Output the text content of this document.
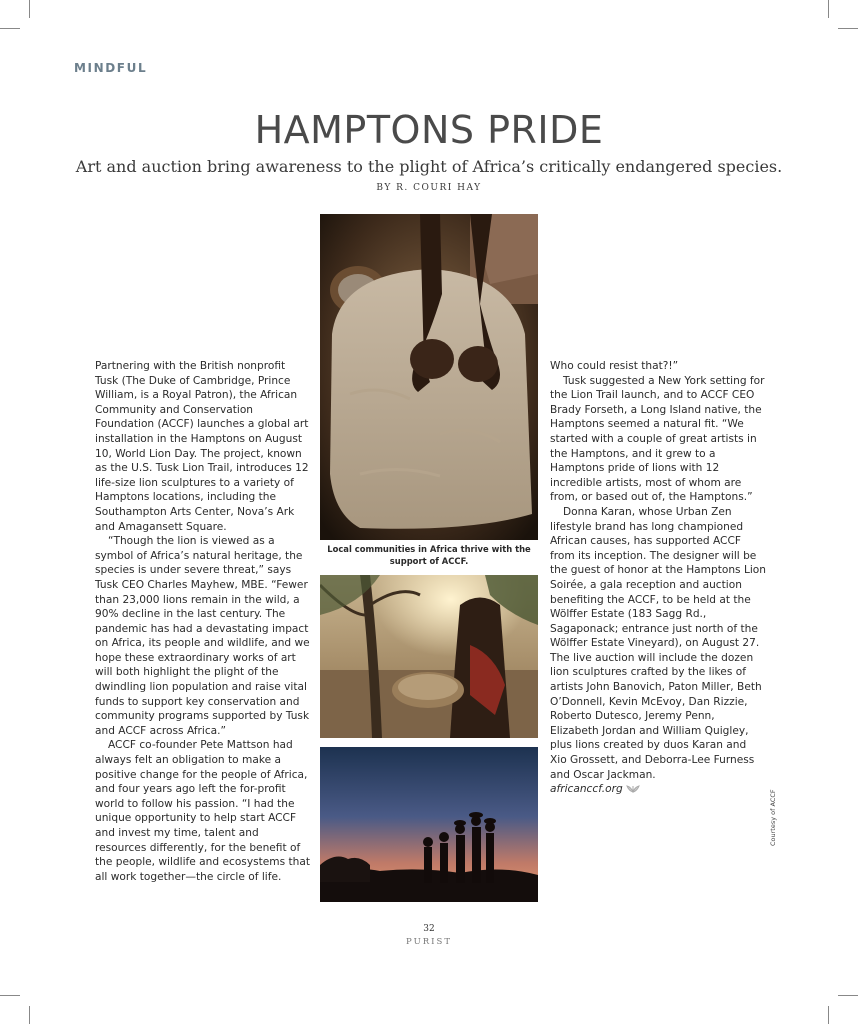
MINDFUL
HAMPTONS PRIDE
Art and auction bring awareness to the plight of Africa’s critically endangered species.
BY R. COURI HAY

Partnering with the British nonprofit Tusk (The Duke of Cambridge, Prince William, is a Royal Patron), the African Community and Conservation Foundation (ACCF) launches a global art installation in the Hamptons on August 10, World Lion Day. The project, known as the U.S. Tusk Lion Trail, introduces 12 life-size lion sculptures to a variety of Hamptons locations, including the Southampton Arts Center, Nova’s Ark and Amagansett Square.

“Though the lion is viewed as a symbol of Africa’s natural heritage, the species is under severe threat,” says Tusk CEO Charles Mayhew, MBE. “Fewer than 23,000 lions remain in the wild, a 90% decline in the last century. The pandemic has had a devastating impact on Africa, its people and wildlife, and we hope these extraordinary works of art will both highlight the plight of the dwindling lion population and raise vital funds to support key conservation and community programs supported by Tusk and ACCF across Africa.”

ACCF co-founder Pete Mattson had always felt an obligation to make a positive change for the people of Africa, and four years ago left the for-profit world to follow his passion. “I had the unique opportunity to help start ACCF and invest my time, talent and resources differently, for the benefit of the people, wildlife and ecosystems that all work together—the circle of life.

Local communities in Africa thrive with the support of ACCF.

Who could resist that?!”

Tusk suggested a New York setting for the Lion Trail launch, and to ACCF CEO Brady Forseth, a Long Island native, the Hamptons seemed a natural fit. “We started with a couple of great artists in the Hamptons, and it grew to a Hamptons pride of lions with 12 incredible artists, most of whom are from, or based out of, the Hamptons.”

Donna Karan, whose Urban Zen lifestyle brand has long championed African causes, has supported ACCF from its inception. The designer will be the guest of honor at the Hamptons Lion Soirée, a gala reception and auction benefiting the ACCF, to be held at the Wölffer Estate (183 Sagg Rd., Sagaponack; entrance just north of the Wölffer Estate Vineyard), on August 27. The live auction will include the dozen lion sculptures crafted by the likes of artists John Banovich, Paton Miller, Beth O’Donnell, Kevin McEvoy, Dan Rizzie, Roberto Dutesco, Jeremy Penn, Elizabeth Jordan and William Quigley, plus lions created by duos Karan and Xio Grossett, and Deborra-Lee Furness and Oscar Jackman.

africanccf.org

Courtesy of ACCF
32
PURIST
